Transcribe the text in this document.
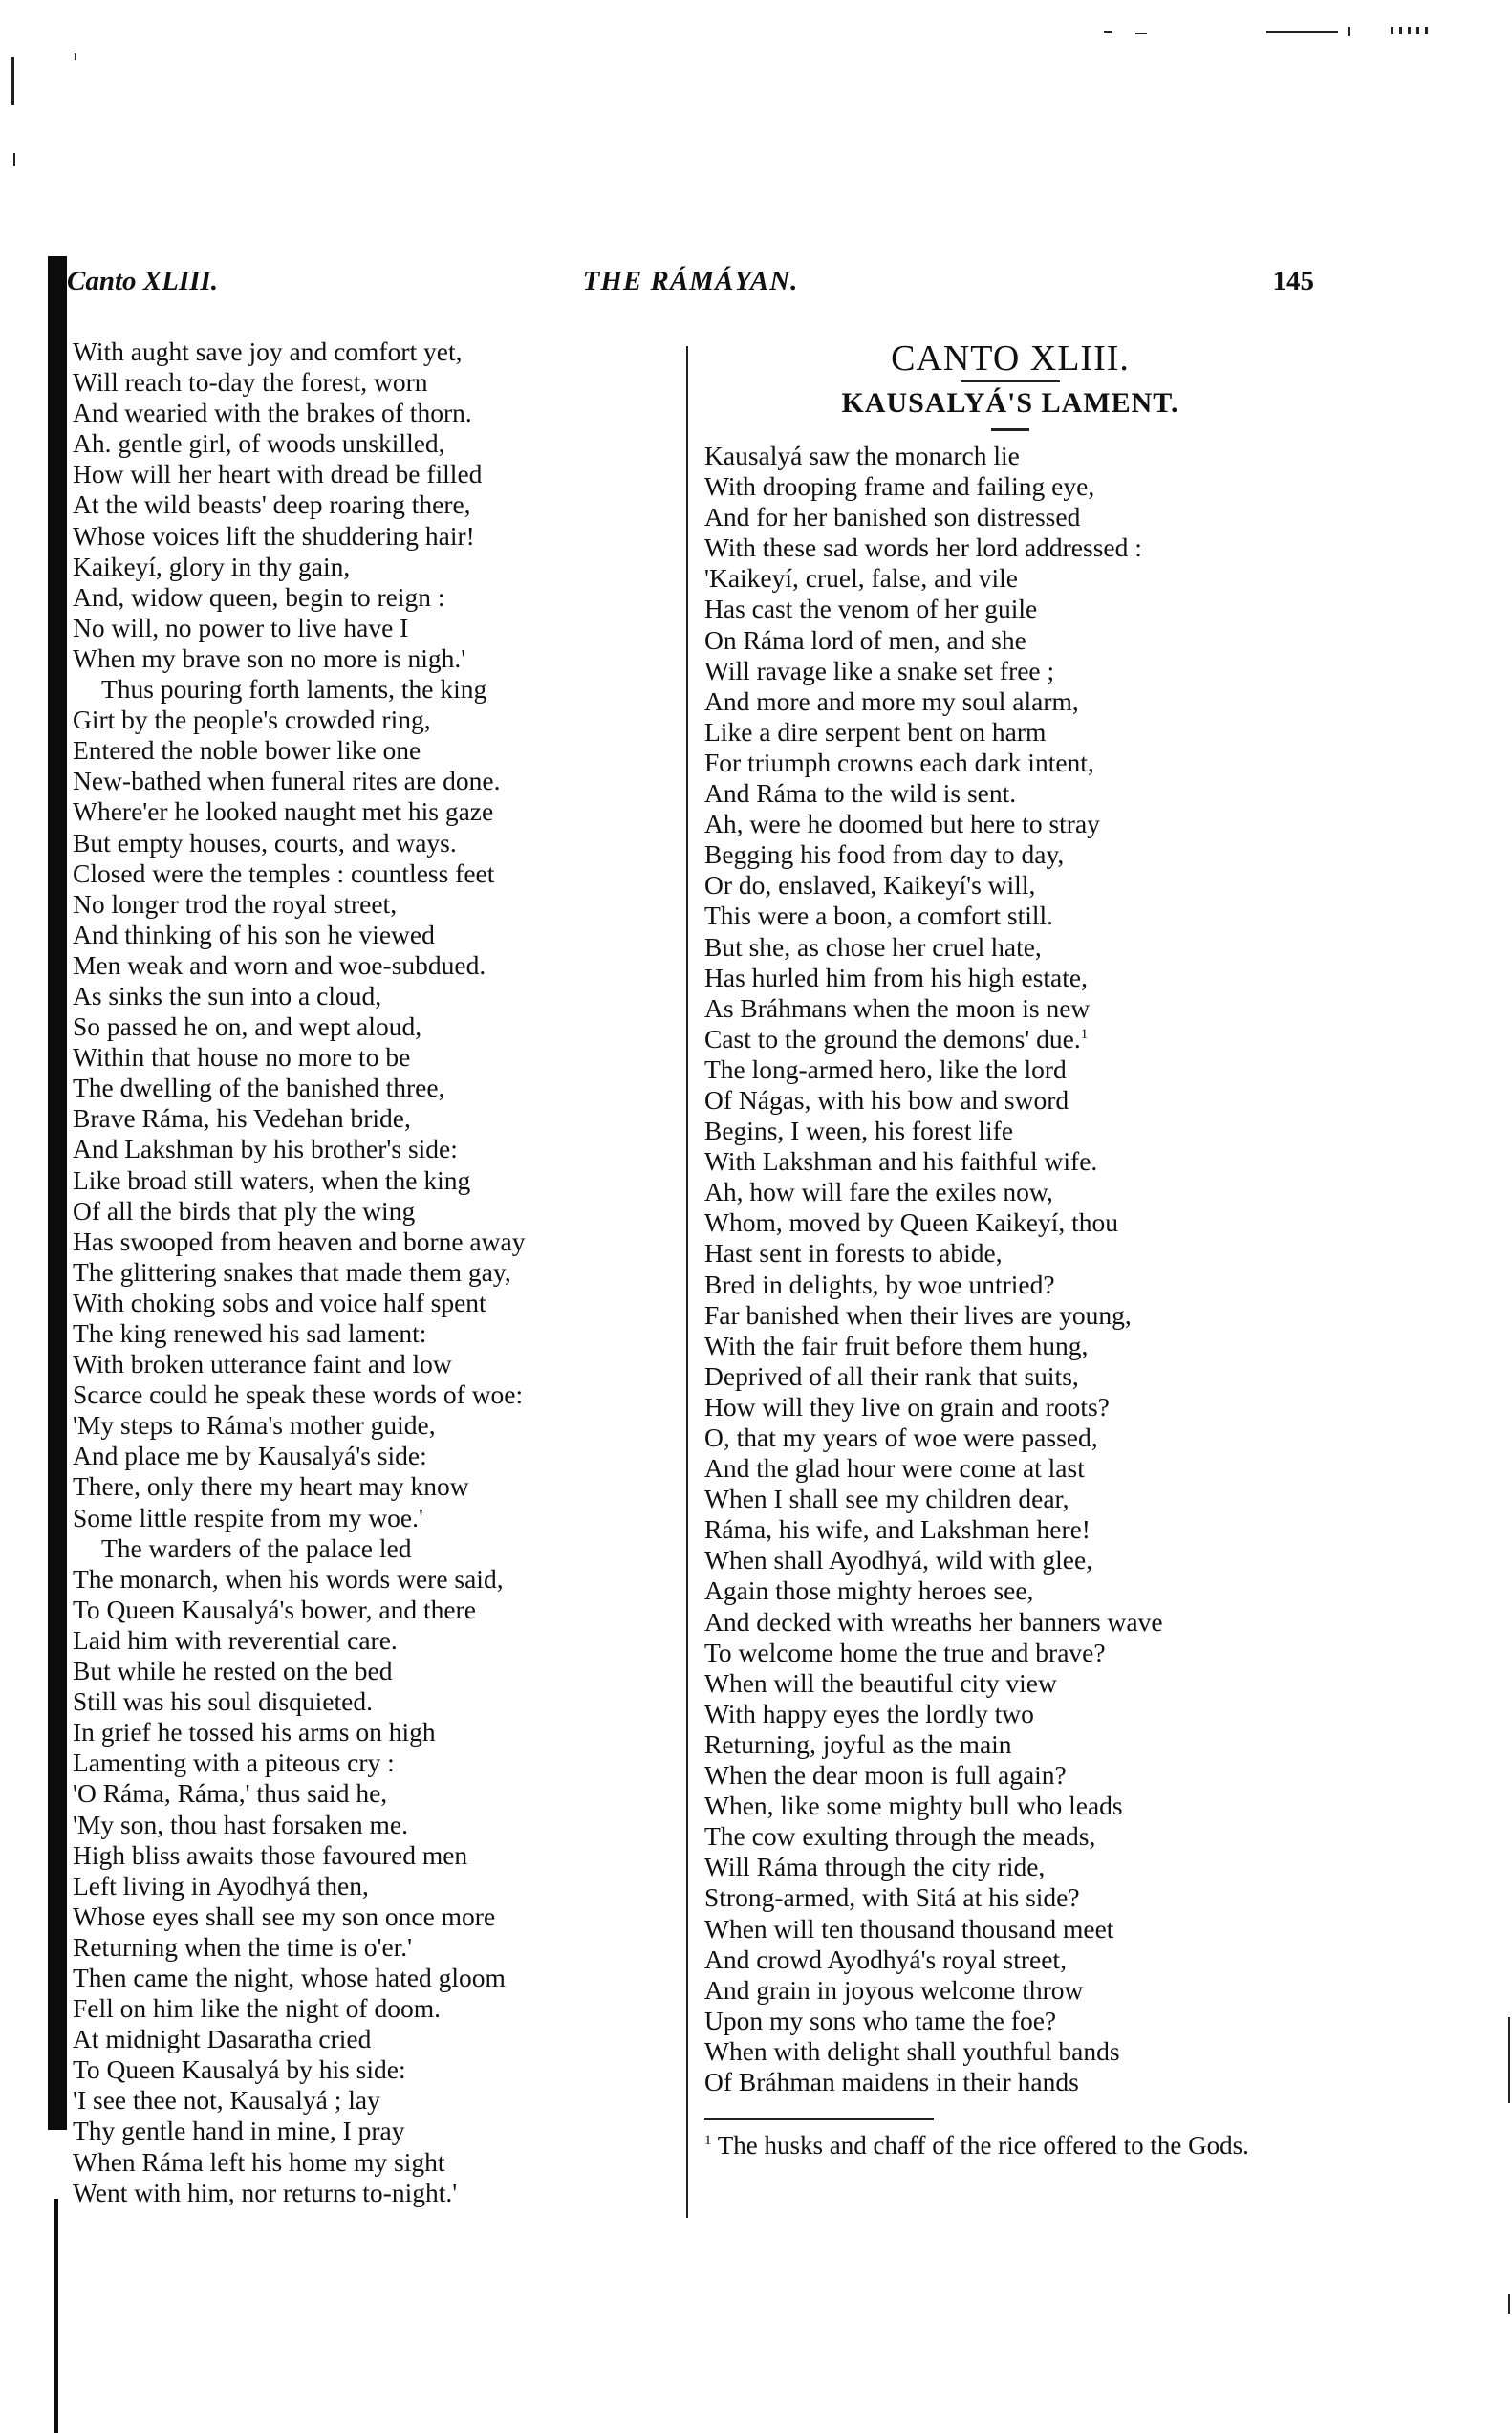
Canto XLIII.	THE RÁMÁYAN.	145
With aught save joy and comfort yet,
Will reach to-day the forest, worn
And wearied with the brakes of thorn.
Ah. gentle girl, of woods unskilled,
How will her heart with dread be filled
At the wild beasts' deep roaring there,
Whose voices lift the shuddering hair!
Kaikeyí, glory in thy gain,
And, widow queen, begin to reign :
No will, no power to live have I
When my brave son no more is nigh.'
Thus pouring forth laments, the king
Girt by the people's crowded ring,
Entered the noble bower like one
New-bathed when funeral rites are done.
Where'er he looked naught met his gaze
But empty houses, courts, and ways.
Closed were the temples : countless feet
No longer trod the royal street,
And thinking of his son he viewed
Men weak and worn and woe-subdued.
As sinks the sun into a cloud,
So passed he on, and wept aloud,
Within that house no more to be
The dwelling of the banished three,
Brave Ráma, his Vedehan bride,
And Lakshman by his brother's side:
Like broad still waters, when the king
Of all the birds that ply the wing
Has swooped from heaven and borne away
The glittering snakes that made them gay,
With choking sobs and voice half spent
The king renewed his sad lament:
With broken utterance faint and low
Scarce could he speak these words of woe:
'My steps to Ráma's mother guide,
And place me by Kausalyá's side:
There, only there my heart may know
Some little respite from my woe.'
The warders of the palace led
The monarch, when his words were said,
To Queen Kausalyá's bower, and there
Laid him with reverential care.
But while he rested on the bed
Still was his soul disquieted.
In grief he tossed his arms on high
Lamenting with a piteous cry :
'O Ráma, Ráma,' thus said he,
'My son, thou hast forsaken me.
High bliss awaits those favoured men
Left living in Ayodhyá then,
Whose eyes shall see my son once more
Returning when the time is o'er.'
Then came the night, whose hated gloom
Fell on him like the night of doom.
At midnight Dasaratha cried
To Queen Kausalyá by his side:
'I see thee not, Kausalyá ; lay
Thy gentle hand in mine, I pray
When Ráma left his home my sight
Went with him, nor returns to-night.'
CANTO XLIII.
KAUSALYÁ'S LAMENT.
Kausalyá saw the monarch lie
With drooping frame and failing eye,
And for her banished son distressed
With these sad words her lord addressed :
'Kaikeyí, cruel, false, and vile
Has cast the venom of her guile
On Ráma lord of men, and she
Will ravage like a snake set free ;
And more and more my soul alarm,
Like a dire serpent bent on harm
For triumph crowns each dark intent,
And Ráma to the wild is sent.
Ah, were he doomed but here to stray
Begging his food from day to day,
Or do, enslaved, Kaikeyí's will,
This were a boon, a comfort still.
But she, as chose her cruel hate,
Has hurled him from his high estate,
As Bráhmans when the moon is new
Cast to the ground the demons' due.$^1$
The long-armed hero, like the lord
Of Nágas, with his bow and sword
Begins, I ween, his forest life
With Lakshman and his faithful wife.
Ah, how will fare the exiles now,
Whom, moved by Queen Kaikeyí, thou
Hast sent in forests to abide,
Bred in delights, by woe untried?
Far banished when their lives are young,
With the fair fruit before them hung,
Deprived of all their rank that suits,
How will they live on grain and roots?
O, that my years of woe were passed,
And the glad hour were come at last
When I shall see my children dear,
Ráma, his wife, and Lakshman here!
When shall Ayodhyá, wild with glee,
Again those mighty heroes see,
And decked with wreaths her banners wave
To welcome home the true and brave?
When will the beautiful city view
With happy eyes the lordly two
Returning, joyful as the main
When the dear moon is full again?
When, like some mighty bull who leads
The cow exulting through the meads,
Will Ráma through the city ride,
Strong-armed, with Sitá at his side?
When will ten thousand thousand meet
And crowd Ayodhyá's royal street,
And grain in joyous welcome throw
Upon my sons who tame the foe?
When with delight shall youthful bands
Of Bráhman maidens in their hands
$^1$ The husks and chaff of the rice offered to the Gods.
